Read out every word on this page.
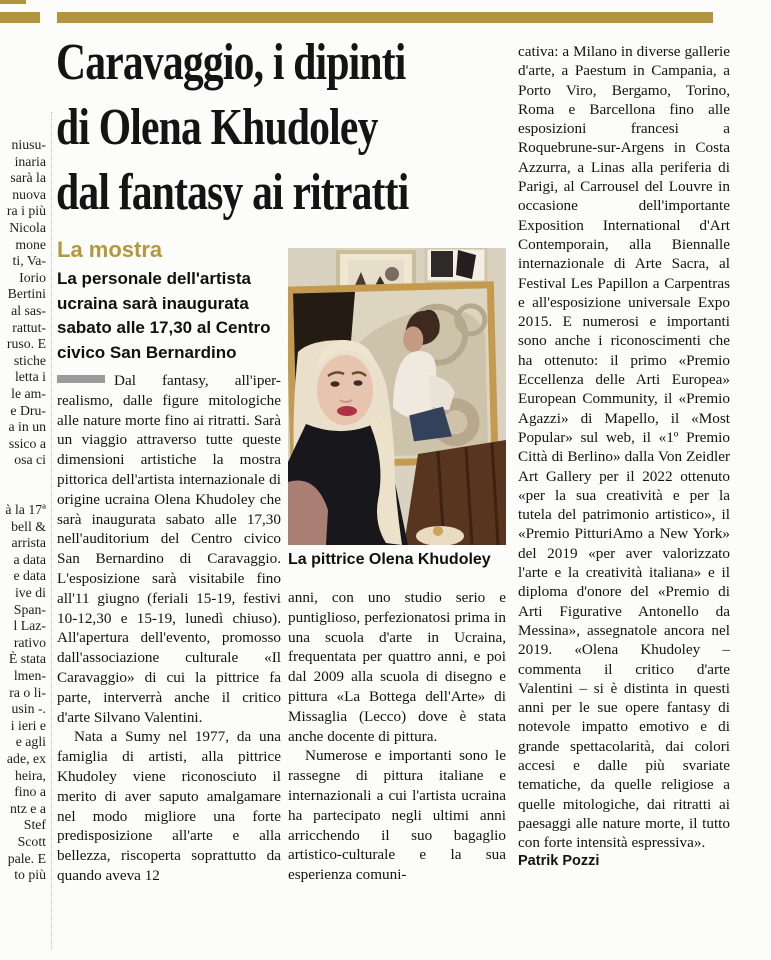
niusu-
inaria
sarà la
nuova
ra i più
Nicola
mone
ti, Va-
Iorio
Bertini
al sas-
rattut-
ruso. E
stiche
letta i
le am-
e Dru-
a in un
ssico a
osa ci
à la 17ª
bell &
arrista
a data
e data
ive di
Span-
l Laz-
rativo
È stata
lmen-
ra o li-
usin -.
i ieri e
e agli
ade, ex
heira,
fino a
ntz e a
Stef
Scott
pale. E
to più
Caravaggio, i dipinti
di Olena Khudoley
dal fantasy ai ritratti
La mostra
La personale dell'artista ucraina sarà inaugurata sabato alle 17,30 al Centro civico San Bernardino

Dal fantasy, all'iper-realismo, dalle figure mitologiche alle nature morte fino ai ritratti. Sarà un viaggio attraverso tutte queste dimensioni artistiche la mostra pittorica dell'artista internazionale di origine ucraina Olena Khudoley che sarà inaugurata sabato alle 17,30 nell'auditorium del Centro civico San Bernardino di Caravaggio. L'esposizione sarà visitabile fino all'11 giugno (feriali 15-19, festivi 10-12,30 e 15-19, lunedì chiuso). All'apertura dell'evento, promosso dall'associazione culturale «Il Caravaggio» di cui la pittrice fa parte, interverrà anche il critico d'arte Silvano Valentini.

Nata a Sumy nel 1977, da una famiglia di artisti, alla pittrice Khudoley viene riconosciuto il merito di aver saputo amalgamare nel modo migliore una forte predisposizione all'arte e alla bellezza, riscoperta soprattutto da quando aveva 12

La pittrice Olena Khudoley

anni, con uno studio serio e puntiglioso, perfezionatosi prima in una scuola d'arte in Ucraina, frequentata per quattro anni, e poi dal 2009 alla scuola di disegno e pittura «La Bottega dell'Arte» di Missaglia (Lecco) dove è stata anche docente di pittura.

Numerose e importanti sono le rassegne di pittura italiane e internazionali a cui l'artista ucraina ha partecipato negli ultimi anni arricchendo il suo bagaglio artistico-culturale e la sua esperienza comuni-

cativa: a Milano in diverse gallerie d'arte, a Paestum in Campania, a Porto Viro, Bergamo, Torino, Roma e Barcellona fino alle esposizioni francesi a Roquebrune-sur-Argens in Costa Azzurra, a Linas alla periferia di Parigi, al Carrousel del Louvre in occasione dell'importante Exposition International d'Art Contemporain, alla Biennalle internazionale di Arte Sacra, al Festival Les Papillon a Carpentras e all'esposizione universale Expo 2015. E numerosi e importanti sono anche i riconoscimenti che ha ottenuto: il primo «Premio Eccellenza delle Arti Europea» European Community, il «Premio Agazzi» di Mapello, il «Most Popular» sul web, il «1º Premio Città di Berlino» dalla Von Zeidler Art Gallery per il 2022 ottenuto «per la sua creatività e per la tutela del patrimonio artistico», il «Premio PitturiAmo a New York» del 2019 «per aver valorizzato l'arte e la creatività italiana» e il diploma d'onore del «Premio di Arti Figurative Antonello da Messina», assegnatole ancora nel 2019. «Olena Khudoley – commenta il critico d'arte Valentini – si è distinta in questi anni per le sue opere fantasy di notevole impatto emotivo e di grande spettacolarità, dai colori accesi e dalle più svariate tematiche, da quelle religiose a quelle mitologiche, dai ritratti ai paesaggi alle nature morte, il tutto con forte intensità espressiva».

Patrik Pozzi
